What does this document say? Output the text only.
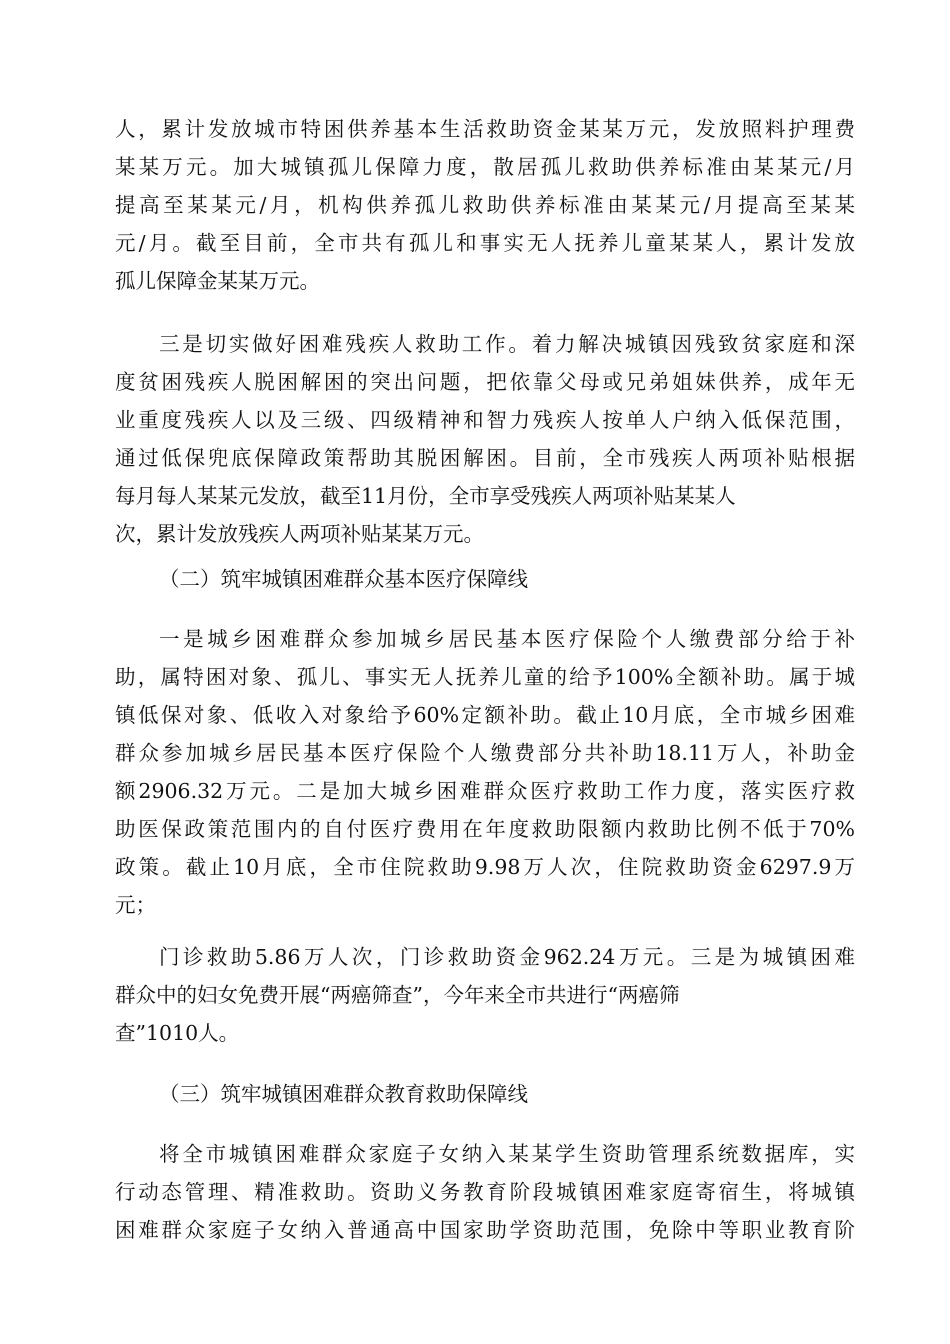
人，累计发放城市特困供养基本生活救助资金某某万元，发放照料护理费
某某万元。加大城镇孤儿保障力度，散居孤儿救助供养标准由某某元/月
提高至某某元/月，机构供养孤儿救助供养标准由某某元/月提高至某某
元/月。截至目前，全市共有孤儿和事实无人抚养儿童某某人，累计发放
孤儿保障金某某万元。
三是切实做好困难残疾人救助工作。着力解决城镇因残致贫家庭和深
度贫困残疾人脱困解困的突出问题，把依靠父母或兄弟姐妹供养，成年无
业重度残疾人以及三级、四级精神和智力残疾人按单人户纳入低保范围，
通过低保兜底保障政策帮助其脱困解困。目前，全市残疾人两项补贴根据
每月每人某某元发放，截至11月份，全市享受残疾人两项补贴某某人
次，累计发放残疾人两项补贴某某万元。
（二）筑牢城镇困难群众基本医疗保障线
一是城乡困难群众参加城乡居民基本医疗保险个人缴费部分给于补
助，属特困对象、孤儿、事实无人抚养儿童的给予100%全额补助。属于城
镇低保对象、低收入对象给予60%定额补助。截止10月底，全市城乡困难
群众参加城乡居民基本医疗保险个人缴费部分共补助18.11万人，补助金
额2906.32万元。二是加大城乡困难群众医疗救助工作力度，落实医疗救
助医保政策范围内的自付医疗费用在年度救助限额内救助比例不低于70%
政策。截止10月底，全市住院救助9.98万人次，住院救助资金6297.9万
元；
门诊救助5.86万人次，门诊救助资金962.24万元。三是为城镇困难
群众中的妇女免费开展“两癌筛查”，今年来全市共进行“两癌筛
查”1010人。
（三）筑牢城镇困难群众教育救助保障线
将全市城镇困难群众家庭子女纳入某某学生资助管理系统数据库，实
行动态管理、精准救助。资助义务教育阶段城镇困难家庭寄宿生，将城镇
困难群众家庭子女纳入普通高中国家助学资助范围，免除中等职业教育阶
